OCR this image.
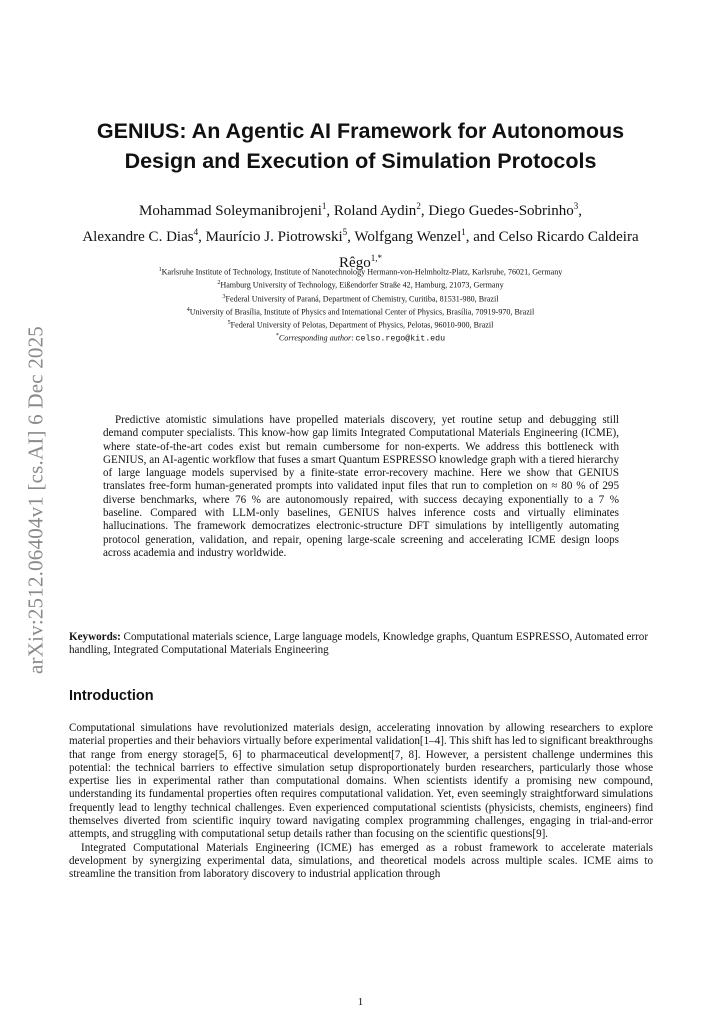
arXiv:2512.06404v1 [cs.AI] 6 Dec 2025
GENIUS: An Agentic AI Framework for Autonomous
Design and Execution of Simulation Protocols
Mohammad Soleymanibrojeni$^1$, Roland Aydin$^2$, Diego Guedes-Sobrinho$^3$,
Alexandre C. Dias$^4$, Maurício J. Piotrowski$^5$, Wolfgang Wenzel$^1$, and Celso Ricardo Caldeira Rêgo$^{1,*}$
$^1$Karlsruhe Institute of Technology, Institute of Nanotechnology Hermann-von-Helmholtz-Platz, Karlsruhe, 76021, Germany
$^2$Hamburg University of Technology, Eißendorfer Straße 42, Hamburg, 21073, Germany
$^3$Federal University of Paraná, Department of Chemistry, Curitiba, 81531-980, Brazil
$^4$University of Brasília, Institute of Physics and International Center of Physics, Brasília, 70919-970, Brazil
$^5$Federal University of Pelotas, Department of Physics, Pelotas, 96010-900, Brazil
*Corresponding author: celso.rego@kit.edu

Predictive atomistic simulations have propelled materials discovery, yet routine setup and debugging still demand computer specialists. This know-how gap limits Integrated Computational Materials Engineering (ICME), where state-of-the-art codes exist but remain cumbersome for non-experts. We address this bottleneck with GENIUS, an AI-agentic workflow that fuses a smart Quantum ESPRESSO knowledge graph with a tiered hierarchy of large language models supervised by a finite-state error-recovery machine. Here we show that GENIUS translates free-form human-generated prompts into validated input files that run to completion on ≈ 80 % of 295 diverse benchmarks, where 76 % are autonomously repaired, with success decaying exponentially to a 7 % baseline. Compared with LLM-only baselines, GENIUS halves inference costs and virtually eliminates hallucinations. The framework democratizes electronic-structure DFT simulations by intelligently automating protocol generation, validation, and repair, opening large-scale screening and accelerating ICME design loops across academia and industry worldwide.

Keywords: Computational materials science, Large language models, Knowledge graphs, Quantum ESPRESSO, Automated error handling, Integrated Computational Materials Engineering

Introduction

Computational simulations have revolutionized materials design, accelerating innovation by allowing researchers to explore material properties and their behaviors virtually before experimental validation[1–4]. This shift has led to significant breakthroughs that range from energy storage[5, 6] to pharmaceutical development[7, 8]. However, a persistent challenge undermines this potential: the technical barriers to effective simulation setup disproportionately burden researchers, particularly those whose expertise lies in experimental rather than computational domains. When scientists identify a promising new compound, understanding its fundamental properties often requires computational validation. Yet, even seemingly straightforward simulations frequently lead to lengthy technical challenges. Even experienced computational scientists (physicists, chemists, engineers) find themselves diverted from scientific inquiry toward navigating complex programming challenges, engaging in trial-and-error attempts, and struggling with computational setup details rather than focusing on the scientific questions[9].

Integrated Computational Materials Engineering (ICME) has emerged as a robust framework to accelerate materials development by synergizing experimental data, simulations, and theoretical models across multiple scales. ICME aims to streamline the transition from laboratory discovery to industrial application through

1
